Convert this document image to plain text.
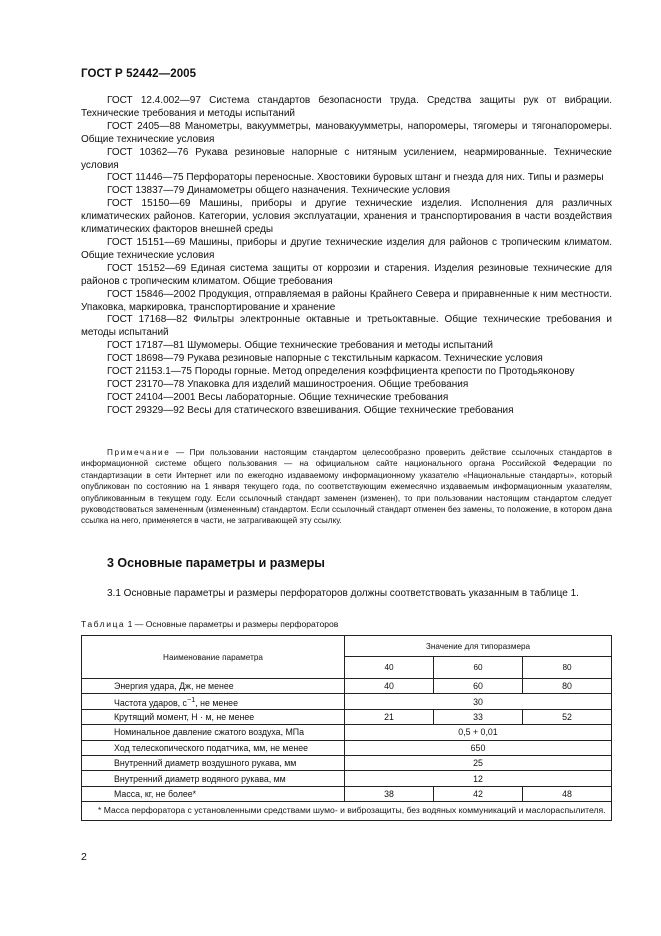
ГОСТ Р 52442—2005
ГОСТ 12.4.002—97 Система стандартов безопасности труда. Средства защиты рук от вибрации. Технические требования и методы испытаний
ГОСТ 2405—88 Манометры, вакуумметры, мановакуумметры, напоромеры, тягомеры и тягонапоромеры. Общие технические условия
ГОСТ 10362—76 Рукава резиновые напорные с нитяным усилением, неармированные. Технические условия
ГОСТ 11446—75 Перфораторы переносные. Хвостовики буровых штанг и гнезда для них. Типы и размеры
ГОСТ 13837—79 Динамометры общего назначения. Технические условия
ГОСТ 15150—69 Машины, приборы и другие технические изделия. Исполнения для различных климатических районов. Категории, условия эксплуатации, хранения и транспортирования в части воздействия климатических факторов внешней среды
ГОСТ 15151—69 Машины, приборы и другие технические изделия для районов с тропическим климатом. Общие технические условия
ГОСТ 15152—69 Единая система защиты от коррозии и старения. Изделия резиновые технические для районов с тропическим климатом. Общие требования
ГОСТ 15846—2002 Продукция, отправляемая в районы Крайнего Севера и приравненные к ним местности. Упаковка, маркировка, транспортирование и хранение
ГОСТ 17168—82 Фильтры электронные октавные и третьоктавные. Общие технические требования и методы испытаний
ГОСТ 17187—81 Шумомеры. Общие технические требования и методы испытаний
ГОСТ 18698—79 Рукава резиновые напорные с текстильным каркасом. Технические условия
ГОСТ 21153.1—75 Породы горные. Метод определения коэффициента крепости по Протодьяконову
ГОСТ 23170—78 Упаковка для изделий машиностроения. Общие требования
ГОСТ 24104—2001 Весы лабораторные. Общие технические требования
ГОСТ 29329—92 Весы для статического взвешивания. Общие технические требования
Примечание — При пользовании настоящим стандартом целесообразно проверить действие ссылочных стандартов в информационной системе общего пользования — на официальном сайте национального органа Российской Федерации по стандартизации в сети Интернет или по ежегодно издаваемому информационному указателю «Национальные стандарты», который опубликован по состоянию на 1 января текущего года, по соответствующим ежемесячно издаваемым информационным указателям, опубликованным в текущем году. Если ссылочный стандарт заменен (изменен), то при пользовании настоящим стандартом следует руководствоваться замененным (измененным) стандартом. Если ссылочный стандарт отменен без замены, то положение, в котором дана ссылка на него, применяется в части, не затрагивающей эту ссылку.
3 Основные параметры и размеры
3.1 Основные параметры и размеры перфораторов должны соответствовать указанным в таблице 1.
Таблица 1 — Основные параметры и размеры перфораторов
Наименование параметра	Значение для типоразмера		
	40	60	80
Энергия удара, Дж, не менее	40	60	80
Частота ударов, $с^{-1}$, не менее	30		
Крутящий момент, Н · м, не менее	21	33	52
Номинальное давление сжатого воздуха, МПа	0,5 + 0,01		
Ход телескопического податчика, мм, не менее	650		
Внутренний диаметр воздушного рукава, мм	25		
Внутренний диаметр водяного рукава, мм	12		
Масса, кг, не более*	38	42	48
* Масса перфоратора с установленными средствами шумо- и виброзащиты, без водяных коммуникаций и маслораспылителя.			
2
